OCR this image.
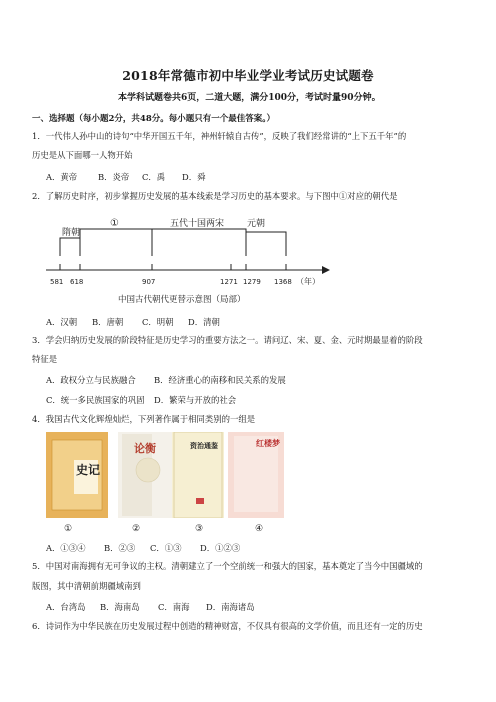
2018年常德市初中毕业学业考试历史试题卷
本学科试题卷共6页，二道大题，满分100分，考试时量90分钟。
一、选择题（每小题2分，共48分。每小题只有一个最佳答案。）
1．一代伟人孙中山的诗句“中华开国五千年，神州轩辕自古传”，反映了我们经常讲的“上下五千年”的
历史是从下面哪一人物开始
A．黄帝 B．炎帝 C．禹 D．舜
2．了解历史时序，初步掌握历史发展的基本线索是学习历史的基本要求。与下图中①对应的朝代是
隋朝
①	五代十国两宋	元朝
581 618	907	1271 1279 1368 （年）
中国古代朝代更替示意图（局部）
A．汉朝 B．唐朝 C．明朝 D．清朝
3．学会归纳历史发展的阶段特征是历史学习的重要方法之一。请问辽、宋、夏、金、元时期最显着的阶段
特征是
A．政权分立与民族融合 B．经济重心的南移和民关系的发展
C．统一多民族国家的巩固 D．繁荣与开放的社会
4．我国古代文化辉煌灿烂，下列著作属于相同类别的一组是
史记
论衡	资治通鉴	红楼梦
①	②	③	④
A．①③④ B．②③ C．①③ D．①②③
5．中国对南海拥有无可争议的主权。清朝建立了一个空前统一和强大的国家，基本奠定了当今中国疆域的
版图，其中清朝前期疆域南到
A．台湾岛 B．海南岛 C．南海 D．南海诸岛
6．诗词作为中华民族在历史发展过程中创造的精神财富，不仅具有很高的文学价值，而且还有一定的历史
